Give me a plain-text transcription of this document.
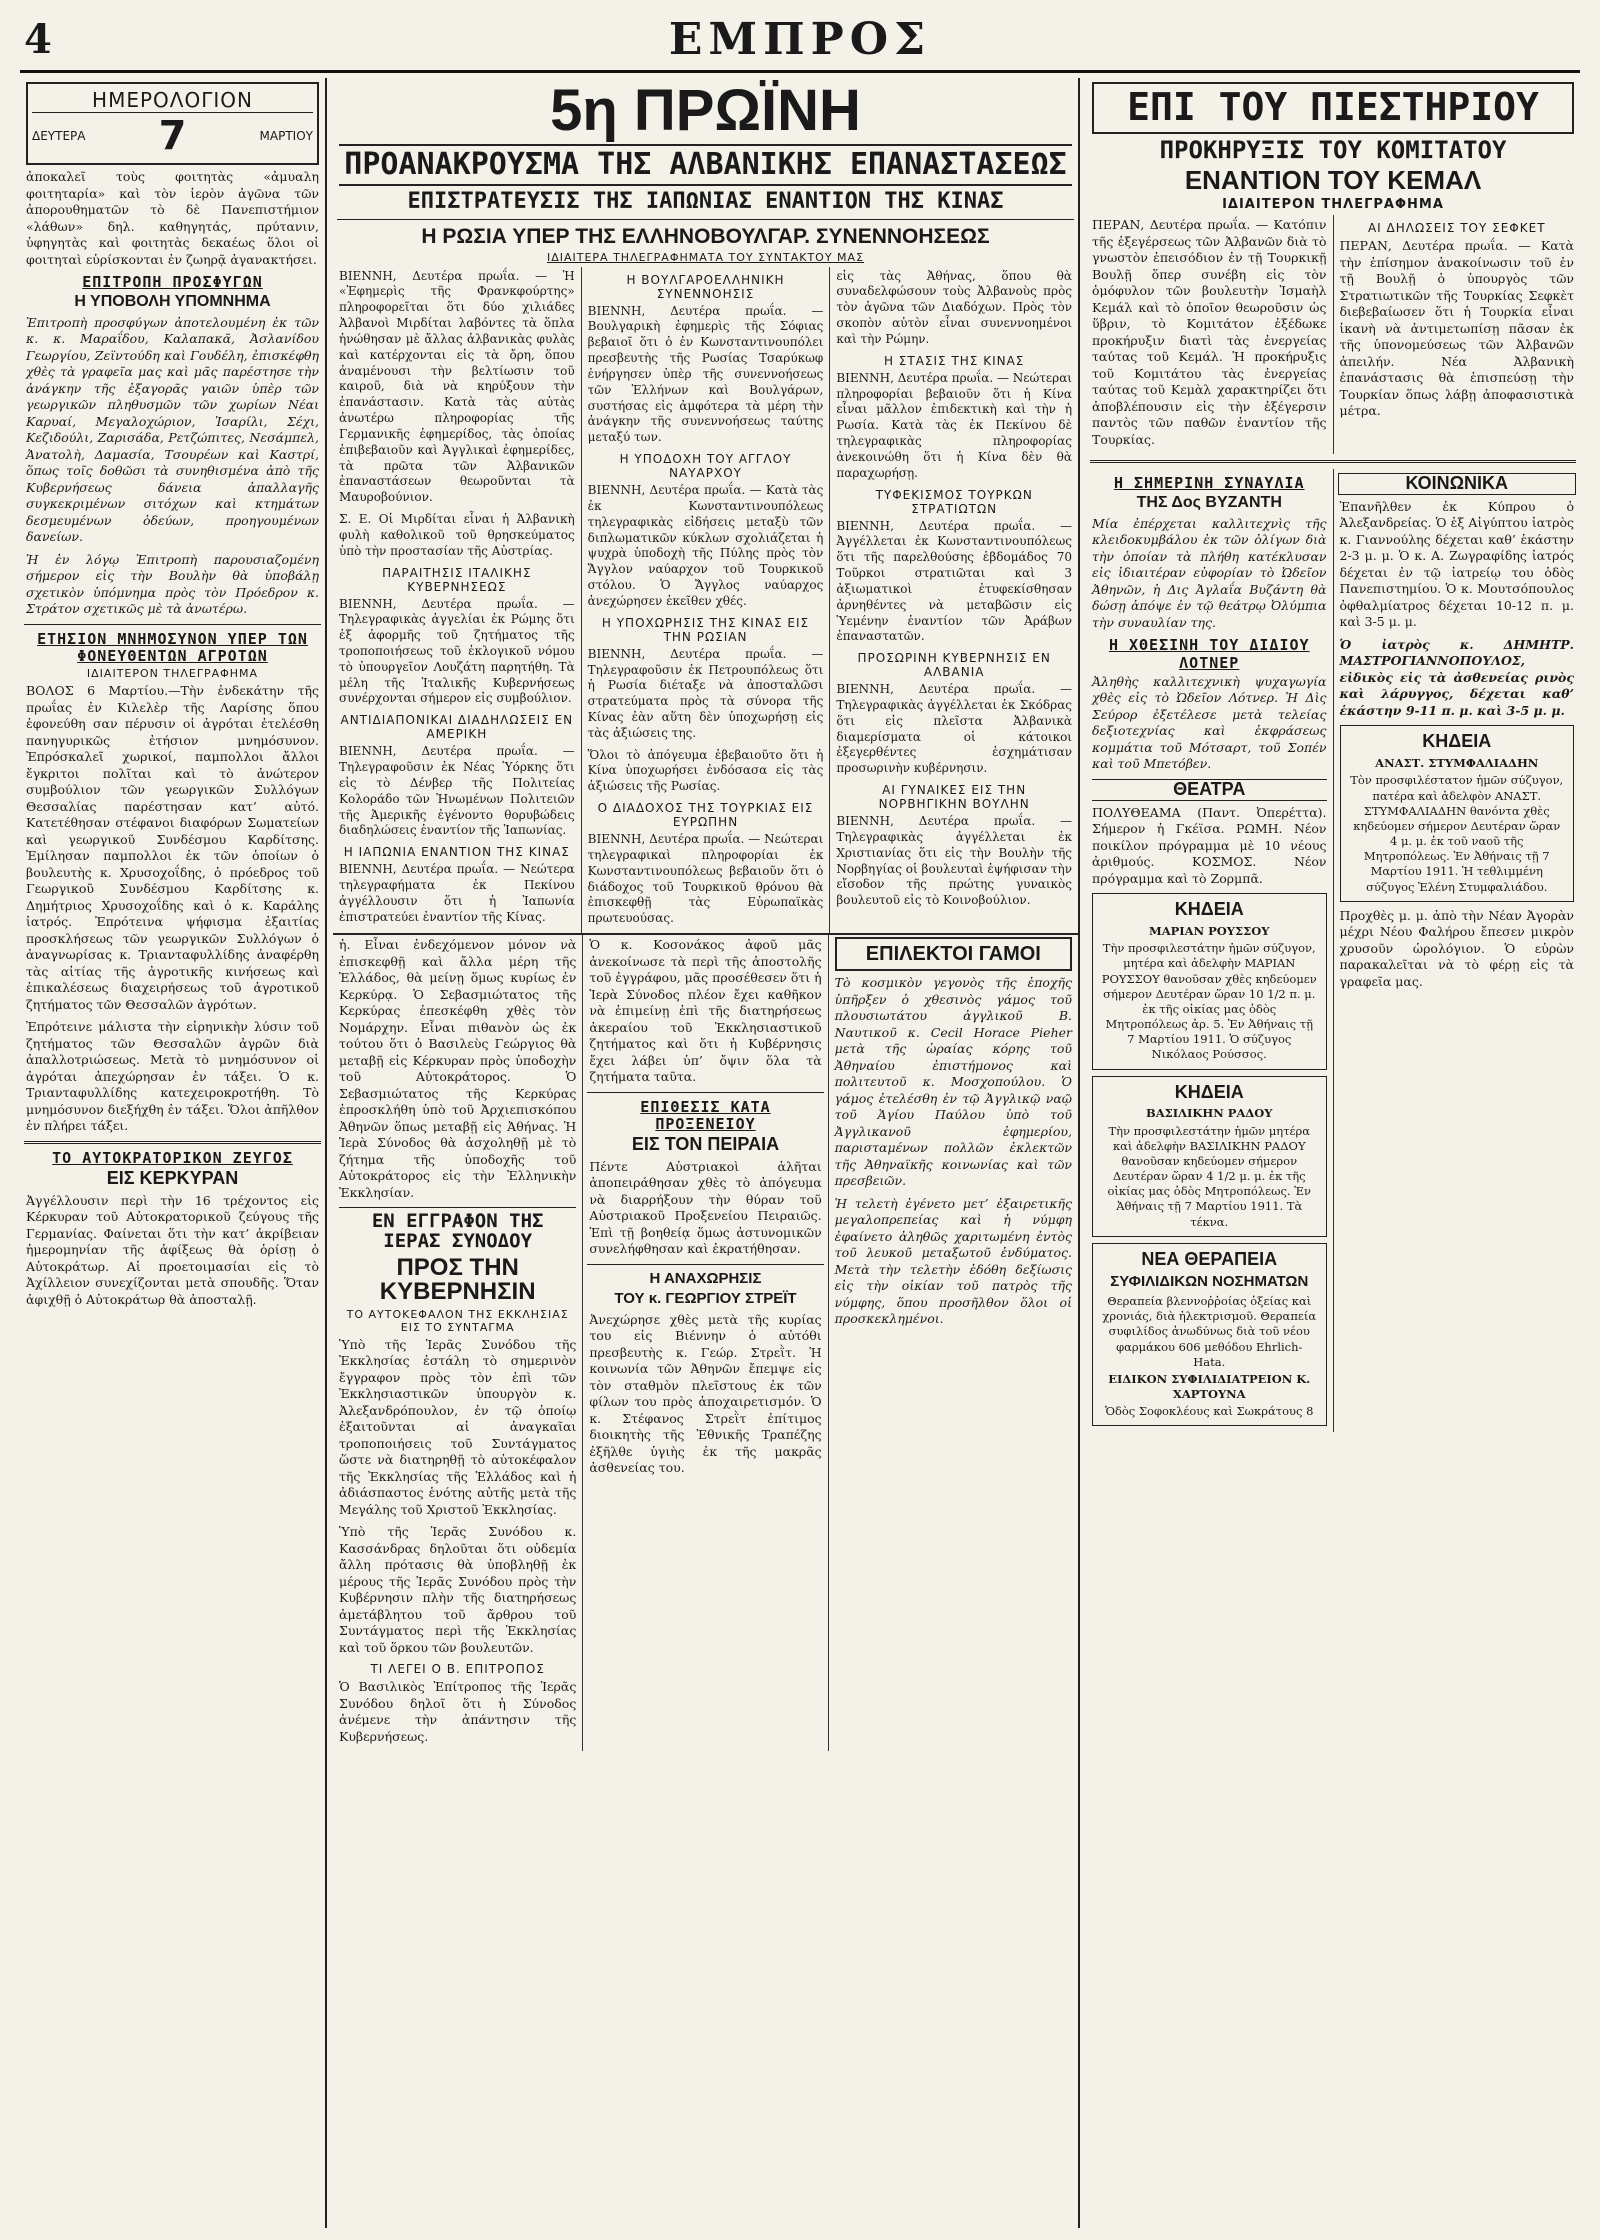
4	ΕΜΠΡΟΣ
ΗΜΕΡΟΛΟΓΙΟΝ
ΔΕΥΤΕΡΑ 7	ΜΑΡΤΙΟΥ

ἀποκαλεῖ τοὺς φοιτητὰς «ἀμυαλη φοιτηταρία» καὶ τὸν ἱερὸν ἀγῶνα τῶν ἀπορουθηματῶν τὸ δὲ Πανεπιστήμιον «λάθων» δηλ. καθηγητάς, πρύτανιν, ὑφηγητὰς καὶ φοιτητὰς δεκαέως ὅλοι οἱ φοιτηταὶ εὑρίσκονται ἐν ζωηρᾷ ἀγανακτήσει.

ΕΠΙΤΡΟΠΗ ΠΡΟΣΦΥΓΩΝ
Η ΥΠΟΒΟΛΗ ΥΠΟΜΝΗΜΑ

Ἐπιτροπὴ προσφύγων ἀποτελουμένη ἐκ τῶν κ. κ. Μαραΐδου, Καλαπακᾶ, Ἀσλανίδου Γεωργίου, Ζεϊντούδη καὶ Γουδέλη, ἐπισκέφθη χθὲς τὰ γραφεῖα μας καὶ μᾶς παρέστησε τὴν ἀνάγκην τῆς ἐξαγορᾶς γαιῶν ὑπὲρ τῶν γεωργικῶν πληθυσμῶν τῶν χωρίων Νέαι Καρυαί, Μεγαλοχώριον, Ἰσαρίλι, Σέχι, Κεζιδούλι, Ζαρισάδα, Ρετζώπιτες, Νεσάμπελ, Ἀνατολὴ, Δαμασία, Τσουρέων καὶ Καστρί, ὅπως τοῖς δοθῶσι τὰ συνηθισμένα ἀπὸ τῆς Κυβερνήσεως δάνεια ἀπαλλαγῆς συγκεκριμένων σιτόχων καὶ κτημάτων δεσμευμένων ὁδεύων, προηγουμένων δανείων.

Ἡ ἐν λόγῳ Ἐπιτροπὴ παρουσιαζομένη σήμερον εἰς τὴν Βουλὴν θὰ ὑποβάλῃ σχετικὸν ὑπόμνημα πρὸς τὸν Πρόεδρον κ. Στράτον σχετικῶς μὲ τὰ ἀνωτέρω.

ΕΤΗΣΙΟΝ ΜΝΗΜΟΣΥΝΟΝ ΥΠΕΡ ΤΩΝ ΦΟΝΕΥΘΕΝΤΩΝ ΑΓΡΟΤΩΝ
ΙΔΙΑΙΤΕΡΟΝ ΤΗΛΕΓΡΑΦΗΜΑ

ΒΟΛΟΣ 6 Μαρτίου.—Τὴν ἐνδεκάτην τῆς πρωΐας ἐν Κιλελὲρ τῆς Λαρίσης ὅπου ἐφονεύθη σαν πέρυσιν οἱ ἀγρόται ἐτελέσθη πανηγυρικῶς ἐτήσιον μνημόσυνον. Ἐπρόσκαλεῖ χωρικοί, παμπολλοι ἄλλοι ἔγκριτοι πολῖται καὶ τὸ ἀνώτερον συμβούλιον τῶν γεωργικῶν Συλλόγων Θεσσαλίας παρέστησαν κατ’ αὐτό. Κατετέθησαν στέφανοι διαφόρων Σωματείων καὶ γεωργικοῦ Συνδέσμου Καρδίτσης. Ἐμίλησαν παμπολλοι ἐκ τῶν ὁποίων ὁ βουλευτὴς κ. Χρυσοχοΐδης, ὁ πρόεδρος τοῦ Γεωργικοῦ Συνδέσμου Καρδίτσης κ. Δημήτριος Χρυσοχοΐδης καὶ ὁ κ. Καράλης ἰατρός. Ἐπρότεινα ψήφισμα ἐξαιτίας προσκλήσεως τῶν γεωργικῶν Συλλόγων ὁ ἀναγνωρίσας κ. Τριανταφυλλίδης ἀναφέρθη τὰς αἰτίας τῆς ἀγροτικῆς κινήσεως καὶ ἐπικαλέσεως διαχειρήσεως τοῦ ἀγροτικοῦ ζητήματος τῶν Θεσσαλῶν ἀγρότων.

Ἐπρότεινε μάλιστα τὴν εἰρηνικὴν λύσιν τοῦ ζητήματος τῶν Θεσσαλῶν ἀγρῶν διὰ ἀπαλλοτριώσεως. Μετὰ τὸ μνημόσυνον οἱ ἀγρόται ἀπεχώρησαν ἐν τάξει. Ὁ κ. Τριανταφυλλίδης κατεχειροκροτήθη. Τὸ μνημόσυνον διεξήχθη ἐν τάξει. Ὅλοι ἀπῆλθον ἐν πλήρει τάξει.

ΤΟ ΑΥΤΟΚΡΑΤΟΡΙΚΟΝ ΖΕΥΓΟΣ
ΕΙΣ ΚΕΡΚΥΡΑΝ

Ἀγγέλλουσιν περὶ τὴν 16 τρέχοντος εἰς Κέρκυραν τοῦ Αὐτοκρατορικοῦ ζεύγους τῆς Γερμανίας. Φαίνεται ὅτι τὴν κατ’ ἀκρίβειαν ἡμερομηνίαν τῆς ἀφίξεως θὰ ὁρίσῃ ὁ Αὐτοκράτωρ. Αἱ προετοιμασίαι εἰς τὸ Ἀχίλλειον συνεχίζονται μετὰ σπουδῆς. Ὅταν ἀφιχθῇ ὁ Αὐτοκράτωρ θὰ ἀποσταλῇ.

5η ΠΡΩΪΝΗ
ΠΡΟΑΝΑΚΡΟΥΣΜΑ ΤΗΣ ΑΛΒΑΝΙΚΗΣ ΕΠΑΝΑΣΤΑΣΕΩΣ
ΕΠΙΣΤΡΑΤΕΥΣΙΣ ΤΗΣ ΙΑΠΩΝΙΑΣ ΕΝΑΝΤΙΟΝ ΤΗΣ ΚΙΝΑΣ
Η ΡΩΣΙΑ ΥΠΕΡ ΤΗΣ ΕΛΛΗΝΟΒΟΥΛΓΑΡ. ΣΥΝΕΝΝΟΗΣΕΩΣ
ΙΔΙΑΙΤΕΡΑ ΤΗΛΕΓΡΑΦΗΜΑΤΑ ΤΟΥ ΣΥΝΤΑΚΤΟΥ ΜΑΣ

ΒΙΕΝΝΗ, Δευτέρα πρωΐα. — Ἡ «Ἐφημερὶς τῆς Φρανκφούρτης» πληροφορεῖται ὅτι δύο χιλιάδες Ἀλβανοὶ Μιρδίται λαβόντες τὰ ὅπλα ἡνώθησαν μὲ ἄλλας ἀλβανικὰς φυλὰς καὶ κατέρχονται εἰς τὰ ὄρη, ὅπου ἀναμένουσι τὴν βελτίωσιν τοῦ καιροῦ, διὰ νὰ κηρύξουν τὴν ἐπανάστασιν. Κατὰ τὰς αὐτὰς ἀνωτέρω πληροφορίας τῆς Γερμανικῆς ἐφημερίδος, τὰς ὁποίας ἐπιβεβαιοῦν καὶ Ἀγγλικαὶ ἐφημερίδες, τὰ πρῶτα τῶν Ἀλβανικῶν ἐπαναστάσεων θεωροῦνται τὰ Μαυροβούνιον.

Σ. Ε. Οἱ Μιρδίται εἶναι ἡ Ἀλβανικὴ φυλὴ καθολικοῦ τοῦ θρησκεύματος ὑπὸ τὴν προστασίαν τῆς Αὐστρίας.

ΠΑΡΑΙΤΗΣΙΣ ΙΤΑΛΙΚΗΣ ΚΥΒΕΡΝΗΣΕΩΣ

ΒΙΕΝΝΗ, Δευτέρα πρωΐα. — Τηλεγραφικὰς ἀγγελίαι ἐκ Ρώμης ὅτι ἐξ ἀφορμῆς τοῦ ζητήματος τῆς τροποποιήσεως τοῦ ἐκλογικοῦ νόμου τὸ ὑπουργεῖον Λουζάτη παρητήθη. Τὰ μέλη τῆς Ἰταλικῆς Κυβερνήσεως συνέρχονται σήμερον εἰς συμβούλιον.

ΑΝΤΙΔΙΑΠΟΝΙΚΑΙ ΔΙΑΔΗΛΩΣΕΙΣ ΕΝ ΑΜΕΡΙΚΗ

ΒΙΕΝΝΗ, Δευτέρα πρωΐα. — Τηλεγραφοῦσιν ἐκ Νέας Ὑόρκης ὅτι εἰς τὸ Δένβερ τῆς Πολιτείας Κολοράδο τῶν Ἡνωμένων Πολιτειῶν τῆς Ἀμερικῆς ἐγένοντο θορυβώδεις διαδηλώσεις ἐναντίον τῆς Ἰαπωνίας.

Η ΙΑΠΩΝΙΑ ΕΝΑΝΤΙΟΝ ΤΗΣ ΚΙΝΑΣ

ΒΙΕΝΝΗ, Δευτέρα πρωΐα. — Νεώτερα τηλεγραφήματα ἐκ Πεκίνου ἀγγέλλουσιν ὅτι ἡ Ἰαπωνία ἐπιστρατεύει ἐναντίον τῆς Κίνας.

Η ΒΟΥΛΓΑΡΟΕΛΛΗΝΙΚΗ ΣΥΝΕΝΝΟΗΣΙΣ

ΒΙΕΝΝΗ, Δευτέρα πρωΐα. — Βουλγαρικὴ ἐφημερὶς τῆς Σόφιας βεβαιοῖ ὅτι ὁ ἐν Κωνσταντινουπόλει πρεσβευτὴς τῆς Ρωσίας Τσαρύκωφ ἐνήργησεν ὑπὲρ τῆς συνεννοήσεως τῶν Ἑλλήνων καὶ Βουλγάρων, συστήσας εἰς ἀμφότερα τὰ μέρη τὴν ἀνάγκην τῆς συνεννοήσεως ταύτης μεταξύ των.

Η ΥΠΟΔΟΧΗ ΤΟΥ ΑΓΓΛΟΥ ΝΑΥΑΡΧΟΥ

ΒΙΕΝΝΗ, Δευτέρα πρωΐα. — Κατὰ τὰς ἐκ Κωνσταντινουπόλεως τηλεγραφικὰς εἰδήσεις μεταξὺ τῶν διπλωματικῶν κύκλων σχολιάζεται ἡ ψυχρὰ ὑποδοχὴ τῆς Πύλης πρὸς τὸν Ἄγγλον ναύαρχον τοῦ Τουρκικοῦ στόλου. Ὁ Ἄγγλος ναύαρχος ἀνεχώρησεν ἐκεῖθεν χθές.

Η ΥΠΟΧΩΡΗΣΙΣ ΤΗΣ ΚΙΝΑΣ ΕΙΣ ΤΗΝ ΡΩΣΙΑΝ

ΒΙΕΝΝΗ, Δευτέρα πρωΐα. — Τηλεγραφοῦσιν ἐκ Πετρουπόλεως ὅτι ἡ Ρωσία διέταξε νὰ ἀποσταλῶσι στρατεύματα πρὸς τὰ σύνορα τῆς Κίνας ἐὰν αὕτη δὲν ὑποχωρήσῃ εἰς τὰς ἀξιώσεις της.

Ὅλοι τὸ ἀπόγευμα ἐβεβαιοῦτο ὅτι ἡ Κίνα ὑποχωρήσει ἐνδόσασα εἰς τὰς ἀξιώσεις τῆς Ρωσίας.

Ο ΔΙΑΔΟΧΟΣ ΤΗΣ ΤΟΥΡΚΙΑΣ ΕΙΣ ΕΥΡΩΠΗΝ

ΒΙΕΝΝΗ, Δευτέρα πρωΐα. — Νεώτεραι τηλεγραφικαὶ πληροφορίαι ἐκ Κωνσταντινουπόλεως βεβαιοῦν ὅτι ὁ διάδοχος τοῦ Τουρκικοῦ θρόνου θὰ ἐπισκεφθῇ τὰς Εὐρωπαϊκὰς πρωτευούσας.

εἰς τὰς Ἀθήνας, ὅπου θὰ συναδελφώσουν τοὺς Ἀλβανοὺς πρὸς τὸν ἀγῶνα τῶν Διαδόχων. Πρὸς τὸν σκοπὸν αὐτὸν εἶναι συνεννοημένοι καὶ τὴν Ρώμην.

Η ΣΤΑΣΙΣ ΤΗΣ ΚΙΝΑΣ

ΒΙΕΝΝΗ, Δευτέρα πρωΐα. — Νεώτεραι πληροφορίαι βεβαιοῦν ὅτι ἡ Κίνα εἶναι μᾶλλον ἐπιδεκτικὴ καὶ τὴν ἡ Ρωσία. Κατὰ τὰς ἐκ Πεκίνου δὲ τηλεγραφικὰς πληροφορίας ἀνεκοινώθη ὅτι ἡ Κίνα δὲν θὰ παραχωρήσῃ.

ΤΥΦΕΚΙΣΜΟΣ ΤΟΥΡΚΩΝ ΣΤΡΑΤΙΩΤΩΝ

ΒΙΕΝΝΗ, Δευτέρα πρωΐα. — Ἀγγέλλεται ἐκ Κωνσταντινουπόλεως ὅτι τῆς παρελθούσης ἑβδομάδος 70 Τοῦρκοι στρατιῶται καὶ 3 ἀξιωματικοὶ ἐτυφεκίσθησαν ἀρνηθέντες νὰ μεταβῶσιν εἰς Ὑεμένην ἐναντίον τῶν Ἀράβων ἐπαναστατῶν.

ΠΡΟΣΩΡΙΝΗ ΚΥΒΕΡΝΗΣΙΣ ΕΝ ΑΛΒΑΝΙΑ

ΒΙΕΝΝΗ, Δευτέρα πρωΐα. — Τηλεγραφικὰς ἀγγέλλεται ἐκ Σκόδρας ὅτι εἰς πλεῖστα Ἀλβανικὰ διαμερίσματα οἱ κάτοικοι ἐξεγερθέντες ἐσχημάτισαν προσωρινὴν κυβέρνησιν.

ΑΙ ΓΥΝΑΙΚΕΣ ΕΙΣ ΤΗΝ ΝΟΡΒΗΓΙΚΗΝ ΒΟΥΛΗΝ

ΒΙΕΝΝΗ, Δευτέρα πρωΐα. — Τηλεγραφικὰς ἀγγέλλεται ἐκ Χριστιανίας ὅτι εἰς τὴν Βουλὴν τῆς Νορβηγίας οἱ βουλευταὶ ἐψήφισαν τὴν εἴσοδον τῆς πρώτης γυναικὸς βουλευτοῦ εἰς τὸ Κοινοβούλιον.

ἡ. Εἶναι ἐνδεχόμενον μόνον νὰ ἐπισκεφθῇ καὶ ἄλλα μέρη τῆς Ἑλλάδος, θὰ μείνῃ ὅμως κυρίως ἐν Κερκύρᾳ. Ὁ Σεβασμιώτατος τῆς Κερκύρας ἐπεσκέφθη χθὲς τὸν Νομάρχην. Εἶναι πιθανὸν ὡς ἐκ τούτου ὅτι ὁ Βασιλεὺς Γεώργιος θὰ μεταβῇ εἰς Κέρκυραν πρὸς ὑποδοχὴν τοῦ Αὐτοκράτορος. Ὁ Σεβασμιώτατος τῆς Κερκύρας ἐπροσκλήθη ὑπὸ τοῦ Ἀρχιεπισκόπου Ἀθηνῶν ὅπως μεταβῇ εἰς Ἀθήνας. Ἡ Ἱερὰ Σύνοδος θὰ ἀσχοληθῇ μὲ τὸ ζήτημα τῆς ὑποδοχῆς τοῦ Αὐτοκράτορος εἰς τὴν Ἑλληνικὴν Ἐκκλησίαν.

ΕΝ ΕΓΓΡΑΦΟΝ ΤΗΣ ΙΕΡΑΣ ΣΥΝΟΔΟΥ
ΠΡΟΣ ΤΗΝ ΚΥΒΕΡΝΗΣΙΝ
ΤΟ ΑΥΤΟΚΕΦΑΛΟΝ ΤΗΣ ΕΚΚΛΗΣΙΑΣ ΕΙΣ ΤΟ ΣΥΝΤΑΓΜΑ

Ὑπὸ τῆς Ἱερᾶς Συνόδου τῆς Ἐκκλησίας ἐστάλη τὸ σημερινὸν ἔγγραφον πρὸς τὸν ἐπὶ τῶν Ἐκκλησιαστικῶν ὑπουργὸν κ. Ἀλεξανδρόπουλον, ἐν τῷ ὁποίῳ ἐξαιτοῦνται αἱ ἀναγκαῖαι τροποποιήσεις τοῦ Συντάγματος ὥστε νὰ διατηρηθῇ τὸ αὐτοκέφαλον τῆς Ἐκκλησίας τῆς Ἑλλάδος καὶ ἡ ἀδιάσπαστος ἑνότης αὐτῆς μετὰ τῆς Μεγάλης τοῦ Χριστοῦ Ἐκκλησίας.

Ὑπὸ τῆς Ἱερᾶς Συνόδου κ. Κασσάνδρας δηλοῦται ὅτι οὐδεμία ἄλλη πρότασις θὰ ὑποβληθῇ ἐκ μέρους τῆς Ἱερᾶς Συνόδου πρὸς τὴν Κυβέρνησιν πλὴν τῆς διατηρήσεως ἀμετάβλητου τοῦ ἄρθρου τοῦ Συντάγματος περὶ τῆς Ἐκκλησίας καὶ τοῦ ὅρκου τῶν βουλευτῶν.

ΤΙ ΛΕΓΕΙ Ο Β. ΕΠΙΤΡΟΠΟΣ

Ὁ Βασιλικὸς Ἐπίτροπος τῆς Ἱερᾶς Συνόδου δηλοῖ ὅτι ἡ Σύνοδος ἀνέμενε τὴν ἀπάντησιν τῆς Κυβερνήσεως.

Ὁ κ. Κοσονάκος ἀφοῦ μᾶς ἀνεκοίνωσε τὰ περὶ τῆς ἀποστολῆς τοῦ ἐγγράφου, μᾶς προσέθεσεν ὅτι ἡ Ἱερὰ Σύνοδος πλέον ἔχει καθῆκον νὰ ἐπιμείνῃ ἐπὶ τῆς διατηρήσεως ἀκεραίου τοῦ Ἐκκλησιαστικοῦ ζητήματος καὶ ὅτι ἡ Κυβέρνησις ἔχει λάβει ὑπ’ ὄψιν ὅλα τὰ ζητήματα ταῦτα.

ΕΠΙΘΕΣΙΣ ΚΑΤΑ ΠΡΟΞΕΝΕΙΟΥ
ΕΙΣ ΤΟΝ ΠΕΙΡΑΙΑ

Πέντε Αὐστριακοὶ ἀλῆται ἀποπειράθησαν χθὲς τὸ ἀπόγευμα νὰ διαρρήξουν τὴν θύραν τοῦ Αὐστριακοῦ Προξενείου Πειραιῶς. Ἐπὶ τῇ βοηθείᾳ ὅμως ἀστυνομικῶν συνελήφθησαν καὶ ἐκρατήθησαν.

Η ΑΝΑΧΩΡΗΣΙΣ
ΤΟΥ κ. ΓΕΩΡΓΙΟΥ ΣΤΡΕΪΤ

Ἀνεχώρησε χθὲς μετὰ τῆς κυρίας του εἰς Βιέννην ὁ αὐτόθι πρεσβευτὴς κ. Γεώρ. Στρεῒτ. Ἡ κοινωνία τῶν Ἀθηνῶν ἔπεμψε εἰς τὸν σταθμὸν πλεῖστους ἐκ τῶν φίλων του πρὸς ἀποχαιρετισμόν. Ὁ κ. Στέφανος Στρεῒτ ἐπίτιμος διοικητὴς τῆς Ἐθνικῆς Τραπέζης ἐξῆλθε ὑγιὴς ἐκ τῆς μακρᾶς ἀσθενείας του.

ΕΠΙΛΕΚΤΟΙ ΓΑΜΟΙ

Τὸ κοσμικὸν γεγονὸς τῆς ἐποχῆς ὑπῆρξεν ὁ χθεσινὸς γάμος τοῦ πλουσιωτάτου ἀγγλικοῦ Β. Ναυτικοῦ κ. Cecil Horace Pieher μετὰ τῆς ὡραίας κόρης τοῦ Ἀθηναίου ἐπιστήμονος καὶ πολιτευτοῦ κ. Μοσχοπούλου. Ὁ γάμος ἐτελέσθη ἐν τῷ Ἀγγλικῷ ναῷ τοῦ Ἁγίου Παύλου ὑπὸ τοῦ Ἀγγλικανοῦ ἐφημερίου, παρισταμένων πολλῶν ἐκλεκτῶν τῆς Ἀθηναϊκῆς κοινωνίας καὶ τῶν πρεσβειῶν.

Ἡ τελετὴ ἐγένετο μετ’ ἐξαιρετικῆς μεγαλοπρεπείας καὶ ἡ νύμφη ἐφαίνετο ἀληθῶς χαριτωμένη ἐντὸς τοῦ λευκοῦ μεταξωτοῦ ἐνδύματος. Μετὰ τὴν τελετὴν ἐδόθη δεξίωσις εἰς τὴν οἰκίαν τοῦ πατρὸς τῆς νύμφης, ὅπου προσῆλθον ὅλοι οἱ προσκεκλημένοι.

ΕΠΙ ΤΟΥ ΠΙΕΣΤΗΡΙΟΥ
ΠΡΟΚΗΡΥΞΙΣ ΤΟΥ ΚΟΜΙΤΑΤΟΥ
ΕΝΑΝΤΙΟΝ ΤΟΥ ΚΕΜΑΛ
ΙΔΙΑΙΤΕΡΟΝ ΤΗΛΕΓΡΑΦΗΜΑ

ΠΕΡΑΝ, Δευτέρα πρωΐα. — Κατόπιν τῆς ἐξεγέρσεως τῶν Ἀλβανῶν διὰ τὸ γνωστὸν ἐπεισόδιον ἐν τῇ Τουρκικῇ Βουλῇ ὅπερ συνέβη εἰς τὸν ὁμόφυλον τῶν βουλευτὴν Ἰσμαὴλ Κεμάλ καὶ τὸ ὁποῖον θεωροῦσιν ὡς ὕβριν, τὸ Κομιτάτον ἐξέδωκε προκήρυξιν διατὶ τὰς ἐνεργείας ταύτας τοῦ Κεμάλ. Ἡ προκήρυξις τοῦ Κομιτάτου τὰς ἐνεργείας ταύτας τοῦ Κεμὰλ χαρακτηρίζει ὅτι ἀποβλέπουσιν εἰς τὴν ἐξέγερσιν παντὸς τῶν παθῶν ἐναντίον τῆς Τουρκίας.

ΑΙ ΔΗΛΩΣΕΙΣ ΤΟΥ ΣΕΦΚΕΤ

ΠΕΡΑΝ, Δευτέρα πρωΐα. — Κατὰ τὴν ἐπίσημον ἀνακοίνωσιν τοῦ ἐν τῇ Βουλῇ ὁ ὑπουργὸς τῶν Στρατιωτικῶν τῆς Τουρκίας Σεφκὲτ διεβεβαίωσεν ὅτι ἡ Τουρκία εἶναι ἱκανὴ νὰ ἀντιμετωπίσῃ πᾶσαν ἐκ τῆς ὑπονομεύσεως τῶν Ἀλβανῶν ἀπειλήν. Νέα Ἀλβανικὴ ἐπανάστασις θὰ ἐπισπεύσῃ τὴν Τουρκίαν ὅπως λάβῃ ἀποφασιστικὰ μέτρα.

Η ΣΗΜΕΡΙΝΗ ΣΥΝΑΥΛΙΑ
ΤΗΣ Δος ΒΥΖΑΝΤΗ

Μία ἐπέρχεται καλλιτεχνὶς τῆς κλειδοκυμβάλου ἐκ τῶν ὀλίγων διὰ τὴν ὁποίαν τὰ πλήθη κατέκλυσαν εἰς ἰδιαιτέραν εὐφορίαν τὸ Ὠδεῖον Ἀθηνῶν, ἡ Δις Ἀγλαΐα Βυζάντη θὰ δώσῃ ἀπόψε ἐν τῷ θεάτρῳ Ὀλύμπια τὴν συναυλίαν της.

Η ΧΘΕΣΙΝΗ ΤΟΥ ΔΙΔΙΟΥ ΛΟΤΝΕΡ

Ἀληθὴς καλλιτεχνικὴ ψυχαγωγία χθὲς εἰς τὸ Ὠδεῖον Λότνερ. Ἡ Δὶς Σεύρορ ἐξετέλεσε μετὰ τελείας δεξιοτεχνίας καὶ ἐκφράσεως κομμάτια τοῦ Μότσαρτ, τοῦ Σοπέν καὶ τοῦ Μπετόβεν.

ΘΕΑΤΡΑ

ΠΟΛΥΘΕΑΜΑ (Παντ. Ὀπερέττα). Σήμερον ἡ Γκέϊσα. ΡΩΜΗ. Νέον ποικίλον πρόγραμμα μὲ 10 νέους ἀριθμούς. ΚΟΣΜΟΣ. Νέον πρόγραμμα καὶ τὸ Ζορμπᾶ.

ΚΗΔΕΙΑ

ΜΑΡΙΑΝ ΡΟΥΣΣΟΥ

Τὴν προσφιλεστάτην ἡμῶν σύζυγον, μητέρα καὶ ἀδελφὴν ΜΑΡΙΑΝ ΡΟΥΣΣΟΥ θανοῦσαν χθὲς κηδεύομεν σήμερον Δευτέραν ὥραν 10 1/2 π. μ. ἐκ τῆς οἰκίας μας ὁδὸς Μητροπόλεως ἀρ. 5. Ἐν Ἀθήναις τῇ 7 Μαρτίου 1911. Ὁ σύζυγος Νικόλαος Ρούσσος.

ΚΗΔΕΙΑ

ΒΑΣΙΛΙΚΗΝ ΡΑΔΟΥ

Τὴν προσφιλεστάτην ἡμῶν μητέρα καὶ ἀδελφὴν ΒΑΣΙΛΙΚΗΝ ΡΑΔΟΥ θανοῦσαν κηδεύομεν σήμερον Δευτέραν ὥραν 4 1/2 μ. μ. ἐκ τῆς οἰκίας μας ὁδὸς Μητροπόλεως. Ἐν Ἀθήναις τῇ 7 Μαρτίου 1911. Τὰ τέκνα.

ΝΕΑ ΘΕΡΑΠΕΙΑ
ΣΥΦΙΛΙΔΙΚΩΝ ΝΟΣΗΜΑΤΩΝ

Θεραπεία βλεννοῤῥοίας ὀξείας καὶ χρονιάς, διὰ ἠλεκτρισμοῦ. Θεραπεία συφιλίδος ἀνωδύνως διὰ τοῦ νέου φαρμάκου 606 μεθόδου Ehrlich-Hata.

ΕΙΔΙΚΟΝ ΣΥΦΙΛΙΔΙΑΤΡΕΙΟΝ Κ. ΧΑΡΤΟΥΝΑ

Ὁδὸς Σοφοκλέους καὶ Σωκράτους 8

ΚΟΙΝΩΝΙΚΑ

Ἐπανῆλθεν ἐκ Κύπρου ὁ Ἀλεξανδρείας. Ὁ ἐξ Αἰγύπτου ἰατρὸς κ. Γιαννούλης δέχεται καθ’ ἑκάστην 2-3 μ. μ. Ὁ κ. Α. Ζωγραφίδης ἰατρός δέχεται ἐν τῷ ἰατρείῳ του ὁδὸς Πανεπιστημίου. Ὁ κ. Μουτσόπουλος ὀφθαλμίατρος δέχεται 10-12 π. μ. καὶ 3-5 μ. μ.

Ὁ ἰατρὸς κ. ΔΗΜΗΤΡ. ΜΑΣΤΡΟΓΙΑΝΝΟΠΟΥΛΟΣ, εἰδικὸς εἰς τὰ ἀσθενείας ρινὸς καὶ λάρυγγος, δέχεται καθ’ ἑκάστην 9-11 π. μ. καὶ 3-5 μ. μ.

ΚΗΔΕΙΑ

ΑΝΑΣΤ. ΣΤΥΜΦΑΛΙΑΔΗΝ

Τὸν προσφιλέστατον ἡμῶν σύζυγον, πατέρα καὶ ἀδελφὸν ΑΝΑΣΤ. ΣΤΥΜΦΑΛΙΑΔΗΝ θανόντα χθὲς κηδεύομεν σήμερον Δευτέραν ὥραν 4 μ. μ. ἐκ τοῦ ναοῦ τῆς Μητροπόλεως. Ἐν Ἀθήναις τῇ 7 Μαρτίου 1911. Ἡ τεθλιμμένη σύζυγος Ἑλένη Στυμφαλιάδου.

Προχθὲς μ. μ. ἀπὸ τὴν Νέαν Ἀγορὰν μέχρι Νέου Φαλήρου ἔπεσεν μικρὸν χρυσοῦν ὡρολόγιον. Ὁ εὑρὼν παρακαλεῖται νὰ τὸ φέρῃ εἰς τὰ γραφεῖα μας.
